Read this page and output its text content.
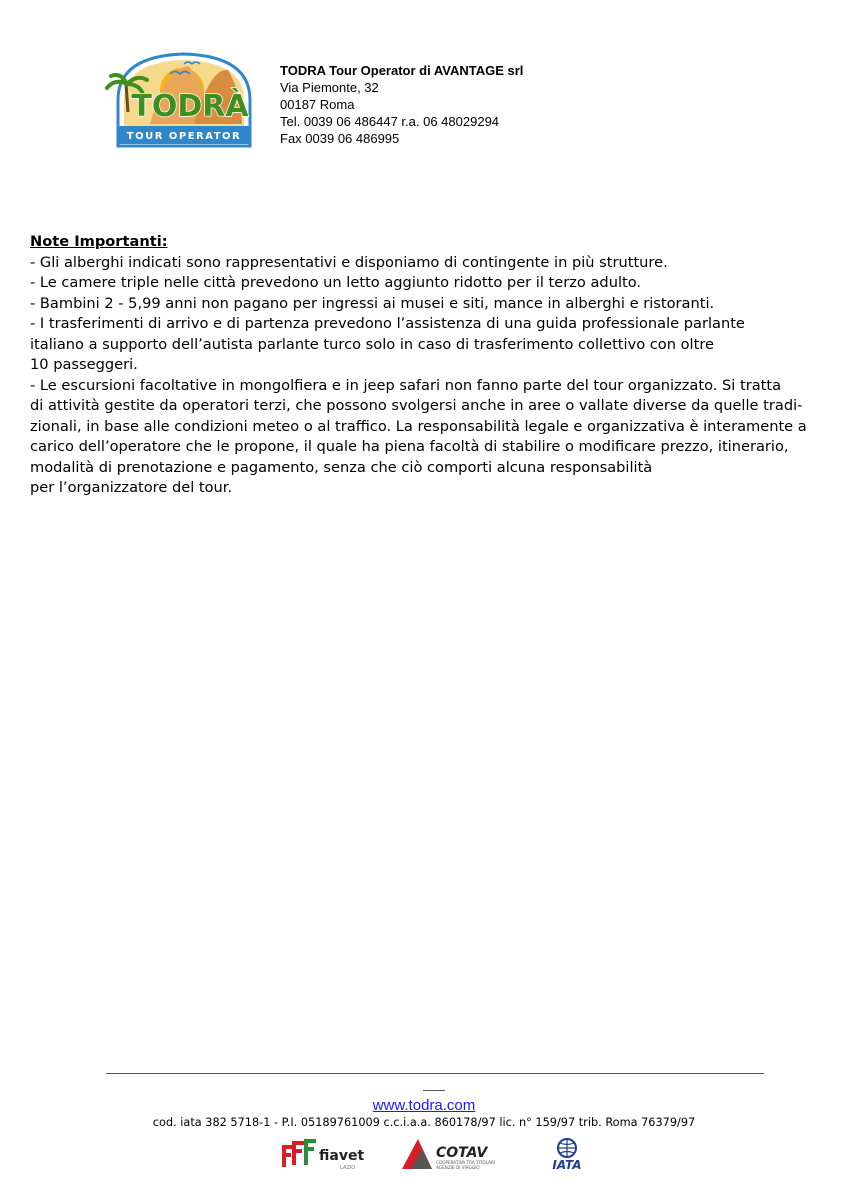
TODRÀ
TOUR OPERATOR
TODRA Tour Operator di AVANTAGE srl
Via Piemonte, 32
00187 Roma
Tel. 0039 06 486447 r.a. 06 48029294
Fax 0039 06 486995
Note Importanti:
- Gli alberghi indicati sono rappresentativi e disponiamo di contingente in più strutture.
- Le camere triple nelle città prevedono un letto aggiunto ridotto per il terzo adulto.
- Bambini 2 - 5,99 anni non pagano per ingressi ai musei e siti, mance in alberghi e ristoranti.
- I trasferimenti di arrivo e di partenza prevedono l’assistenza di una guida professionale parlante
italiano a supporto dell’autista parlante turco solo in caso di trasferimento collettivo con oltre
10 passeggeri.
- Le escursioni facoltative in mongolfiera e in jeep safari non fanno parte del tour organizzato. Si tratta
di attività gestite da operatori terzi, che possono svolgersi anche in aree o vallate diverse da quelle tradi-
zionali, in base alle condizioni meteo o al traffico. La responsabilità legale e organizzativa è interamente a
carico dell’operatore che le propone, il quale ha piena facoltà di stabilire o modificare prezzo, itinerario,
modalità di prenotazione e pagamento, senza che ciò comporti alcuna responsabilità
per l’organizzatore del tour.
www.todra.com
cod. iata 382 5718-1 - P.I. 05189761009 c.c.i.a.a. 860178/97 lic. n° 159/97 trib. Roma 76379/97
fiavet
LAZIO
COTAV
COOPERATIVA TRA TITOLARI
AGENZIE DI VIAGGIO	IATA
